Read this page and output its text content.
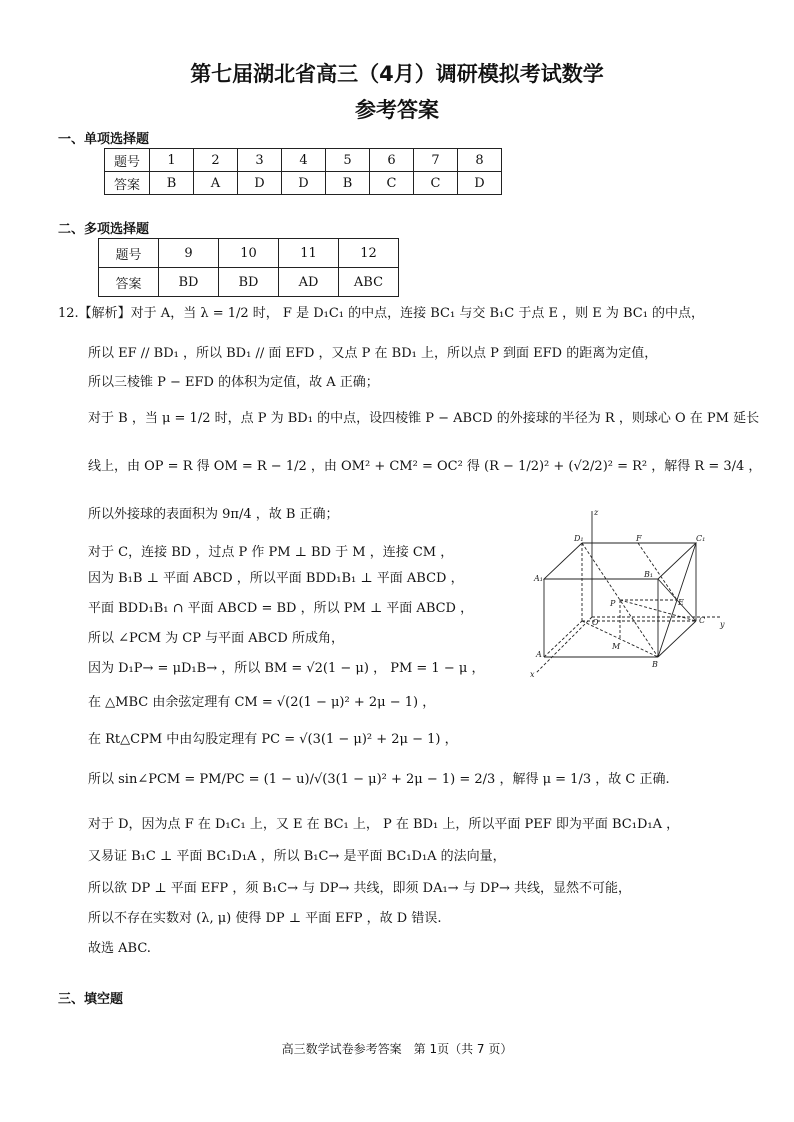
第七届湖北省高三（4月）调研模拟考试数学
参考答案
一、单项选择题
题号	1	2	3	4	5	6	7	8
答案	B	A	D	D	B	C	C	D
二、多项选择题
题号	9	10	11	12
答案	BD	BD	AD	ABC
12.【解析】对于 A，当 λ = 1/2 时， F 是 D₁C₁ 的中点，连接 BC₁ 与交 B₁C 于点 E ，则 E 为 BC₁ 的中点，
所以 EF // BD₁ ，所以 BD₁ // 面 EFD ，又点 P 在 BD₁ 上，所以点 P 到面 EFD 的距离为定值，
所以三棱锥 P − EFD 的体积为定值，故 A 正确；
对于 B ，当 μ = 1/2 时，点 P 为 BD₁ 的中点，设四棱锥 P − ABCD 的外接球的半径为 R ，则球心 O 在 PM 延长
线上，由 OP = R 得 OM = R − 1/2 ，由 OM² + CM² = OC² 得 (R − 1/2)² + (√2/2)² = R² ，解得 R = 3/4 ，
所以外接球的表面积为 9π/4 ，故 B 正确；
对于 C，连接 BD ，过点 P 作 PM ⊥ BD 于 M ，连接 CM ，
因为 B₁B ⊥ 平面 ABCD ，所以平面 BDD₁B₁ ⊥ 平面 ABCD ，
平面 BDD₁B₁ ∩ 平面 ABCD = BD ，所以 PM ⊥ 平面 ABCD ，
所以 ∠PCM 为 CP 与平面 ABCD 所成角，
因为 D₁P→ = μD₁B→ ，所以 BM = √2(1 − μ) ， PM = 1 − μ ，
在 △MBC 由余弦定理有 CM = √(2(1 − μ)² + 2μ − 1) ，
在 Rt△CPM 中由勾股定理有 PC = √(3(1 − μ)² + 2μ − 1) ，
所以 sin∠PCM = PM/PC = (1 − u)/√(3(1 − μ)² + 2μ − 1) = 2/3 ，解得 μ = 1/3 ，故 C 正确.
对于 D，因为点 F 在 D₁C₁ 上，又 E 在 BC₁ 上， P 在 BD₁ 上，所以平面 PEF 即为平面 BC₁D₁A ，
又易证 B₁C ⊥ 平面 BC₁D₁A ，所以 B₁C→ 是平面 BC₁D₁A 的法向量，
所以欲 DP ⊥ 平面 EFP ，须 B₁C→ 与 DP→ 共线，即须 DA₁→ 与 DP→ 共线，显然不可能，
所以不存在实数对 (λ, μ) 使得 DP ⊥ 平面 EFP ，故 D 错误.
故选 ABC.
z
D₁	F	C₁
A₁	B₁
P	E
O	C y
M
A
B
x
三、填空题
高三数学试卷参考答案　第 1页（共 7 页）
